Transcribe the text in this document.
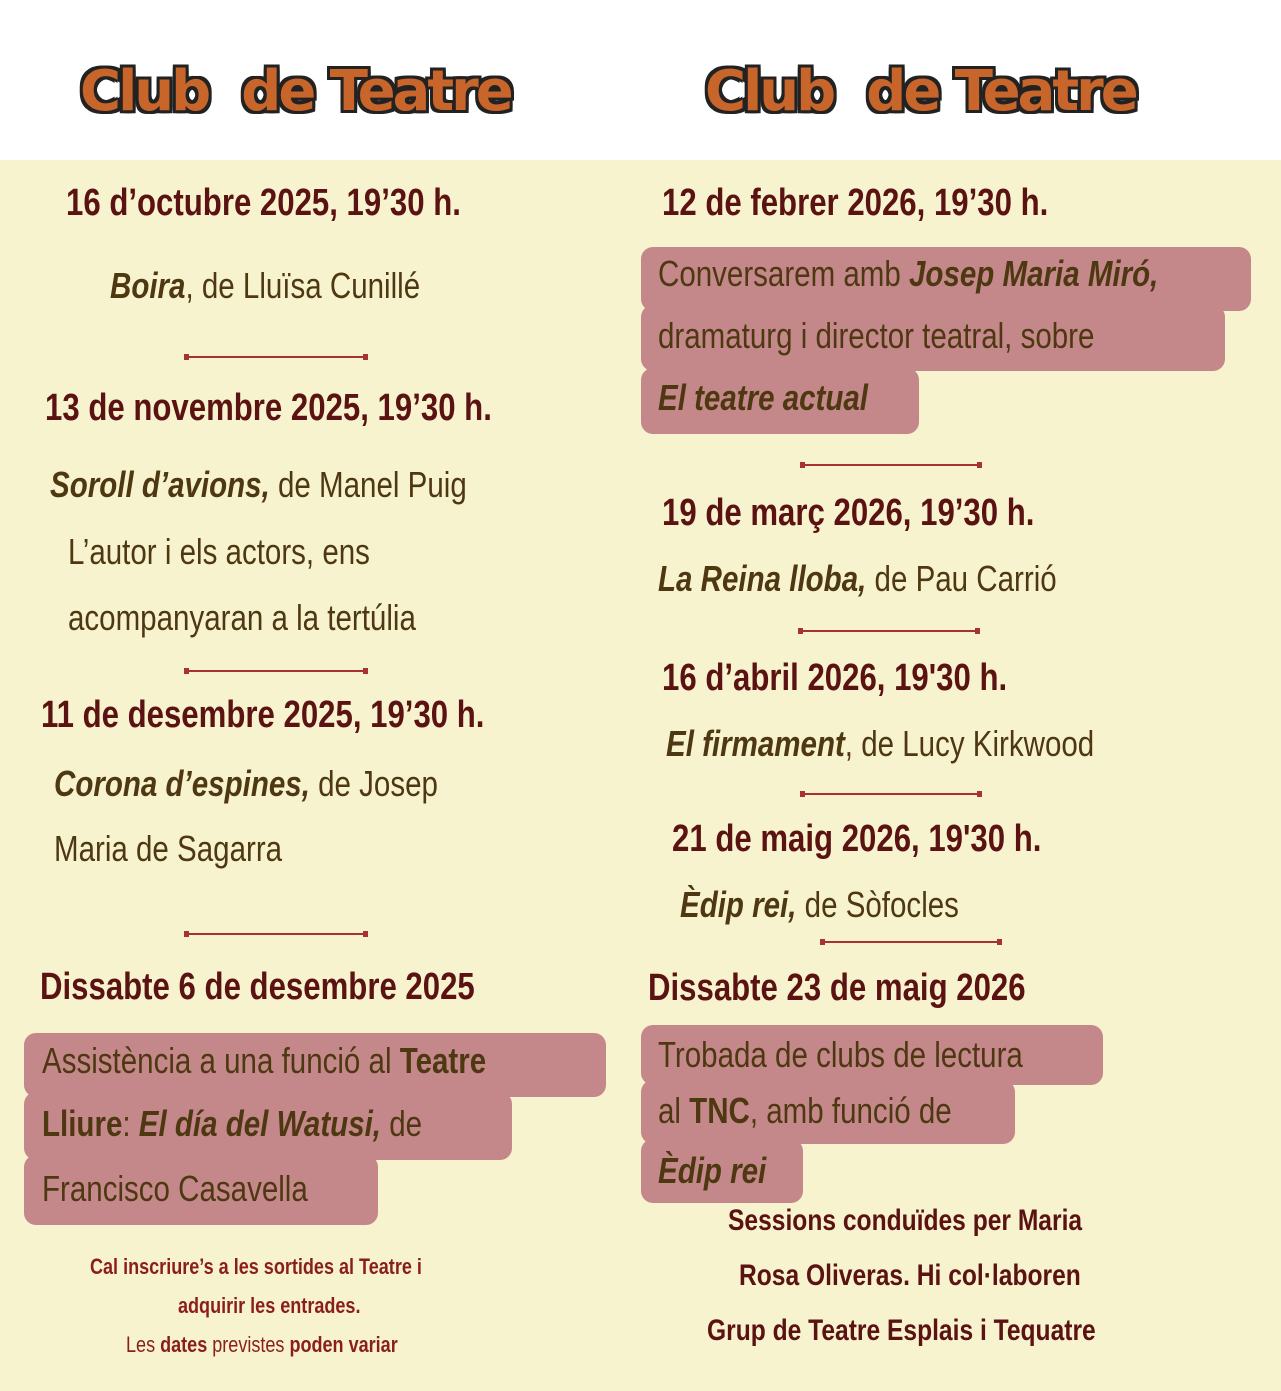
Club  de Teatre	Club  de Teatre
16 d’octubre 2025, 19’30 h.
Boira, de Lluïsa Cunillé
13 de novembre 2025, 19’30 h.
Soroll d’avions, de Manel Puig
L’autor i els actors, ens
acompanyaran a la tertúlia
11 de desembre 2025, 19’30 h.
Corona d’espines, de Josep
Maria de Sagarra
Dissabte 6 de desembre 2025
Assistència a una funció al Teatre
Lliure: El día del Watusi, de
Francisco Casavella
Cal inscriure’s a les sortides al Teatre i
adquirir les entrades.
Les dates previstes poden variar
12 de febrer 2026, 19’30 h.
Conversarem amb Josep Maria Miró,
dramaturg i director teatral, sobre
El teatre actual
19 de març 2026, 19’30 h.
La Reina lloba, de Pau Carrió
16 d’abril 2026, 19'30 h.
El firmament, de Lucy Kirkwood
21 de maig 2026, 19'30 h.
Èdip rei, de Sòfocles
Dissabte 23 de maig 2026
Trobada de clubs de lectura
al TNC, amb funció de
Èdip rei
Sessions conduïdes per Maria
Rosa Oliveras. Hi col·laboren
Grup de Teatre Esplais i Tequatre
